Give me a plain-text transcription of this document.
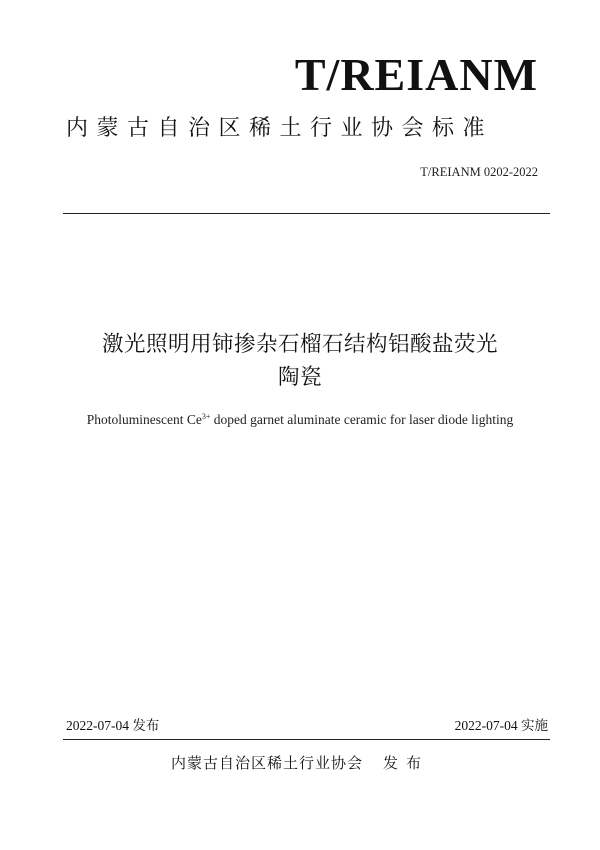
T/REIANM
内蒙古自治区稀土行业协会标准
T/REIANM 0202-2022
激光照明用铈掺杂石榴石结构铝酸盐荧光
陶瓷
Photoluminescent $Ce^{3+}$ doped garnet aluminate ceramic for laser diode lighting
2022-07-04 发布	2022-07-04 实施
内蒙古自治区稀土行业协会 发布
